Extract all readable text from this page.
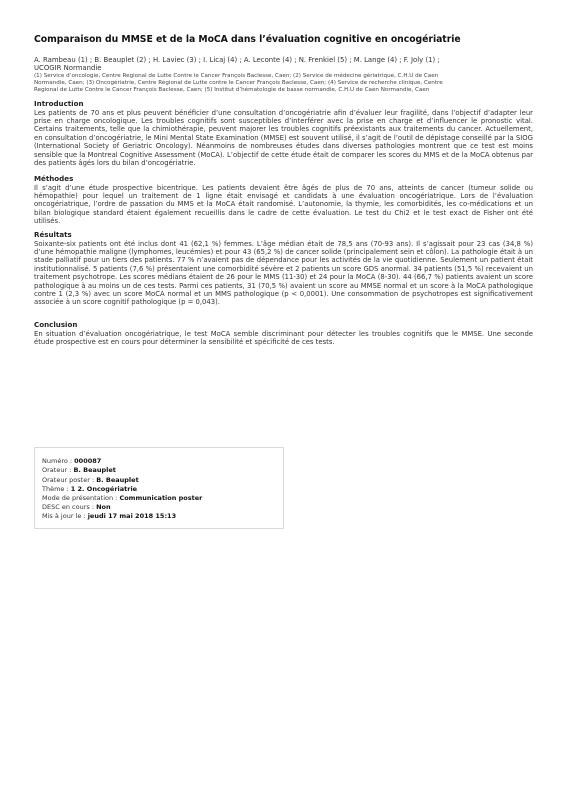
Comparaison du MMSE et de la MoCA dans l’évaluation cognitive en oncogériatrie
A. Rambeau (1) ; B. Beauplet (2) ; H. Laviec (3) ; I. Licaj (4) ; A. Leconte (4) ; N. Frenkiel (5) ; M. Lange (4) ; F. Joly (1) ;
UCOGIR Normandie
(1) Service d’oncologie, Centre Regional de Lutte Contre le Cancer François Baclesse, Caen; (2) Service de médecine gériatrique, C.H.U de Caen
Normandie, Caen; (3) Oncogériatrie, Centre Régional de Lutte contre le Cancer François Baclesse, Caen; (4) Service de recherche clinique, Centre
Regional de Lutte Contre le Cancer François Baclesse, Caen; (5) Institut d’hématologie de basse normandie, C.H.U de Caen Normandie, Caen
Introduction

Les patients de 70 ans et plus peuvent bénéficier d’une consultation d’oncogériatrie afin d’évaluer leur fragilité, dans l’objectif d’adapter leur prise en charge oncologique. Les troubles cognitifs sont susceptibles d’interférer avec la prise en charge et d’influencer le pronostic vital. Certains traitements, telle que la chimiothérapie, peuvent majorer les troubles cognitifs préexistants aux traitements du cancer. Actuellement, en consultation d’oncogériatrie, le Mini Mental State Examination (MMSE) est souvent utilisé, il s’agit de l’outil de dépistage conseillé par la SIOG (International Society of Geriatric Oncology). Néanmoins de nombreuses études dans diverses pathologies montrent que ce test est moins sensible que la Montreal Cognitive Assessment (MoCA). L’objectif de cette étude était de comparer les scores du MMS et de la MoCA obtenus par des patients âgés lors du bilan d’oncogériatrie.

Méthodes

Il s’agit d’une étude prospective bicentrique. Les patients devaient être âgés de plus de 70 ans, atteints de cancer (tumeur solide ou hémopathie) pour lequel un traitement de 1 ligne était envisagé et candidats à une évaluation oncogériatrique. Lors de l’évaluation oncogériatrique, l’ordre de passation du MMS et la MoCA était randomisé. L’autonomie, la thymie, les comorbidités, les co-médications et un bilan biologique standard étaient également recueillis dans le cadre de cette évaluation. Le test du Chi2 et le test exact de Fisher ont été utilisés.

Résultats

Soixante-six patients ont été inclus dont 41 (62,1 %) femmes. L’âge médian était de 78,5 ans (70-93 ans). Il s’agissait pour 23 cas (34,8 %) d’une hémopathie maligne (lymphomes, leucémies) et pour 43 (65,2 %) de cancer solide (principalement sein et côlon). La pathologie était à un stade palliatif pour un tiers des patients. 77 % n’avaient pas de dépendance pour les activités de la vie quotidienne. Seulement un patient était institutionnalisé. 5 patients (7,6 %) présentaient une comorbidité sévère et 2 patients un score GDS anormal. 34 patients (51,5 %) recevaient un traitement psychotrope. Les scores médians étaient de 26 pour le MMS (11-30) et 24 pour la MoCA (8-30). 44 (66,7 %) patients avaient un score pathologique à au moins un de ces tests. Parmi ces patients, 31 (70,5 %) avaient un score au MMSE normal et un score à la MoCA pathologique contre 1 (2,3 %) avec un score MoCA normal et un MMS pathologique (p < 0,0001). Une consommation de psychotropes est significativement associée à un score cognitif pathologique (p = 0,043).

Conclusion

En situation d’évaluation oncogériatrique, le test MoCA semble discriminant pour détecter les troubles cognitifs que le MMSE. Une seconde étude prospective est en cours pour déterminer la sensibilité et spécificité de ces tests.

Numéro : 000087
Orateur : B. Beauplet
Orateur poster : B. Beauplet
Thème : 1 2. Oncogériatrie
Mode de présentation : Communication poster
DESC en cours : Non
Mis à jour le : jeudi 17 mai 2018 15:13
